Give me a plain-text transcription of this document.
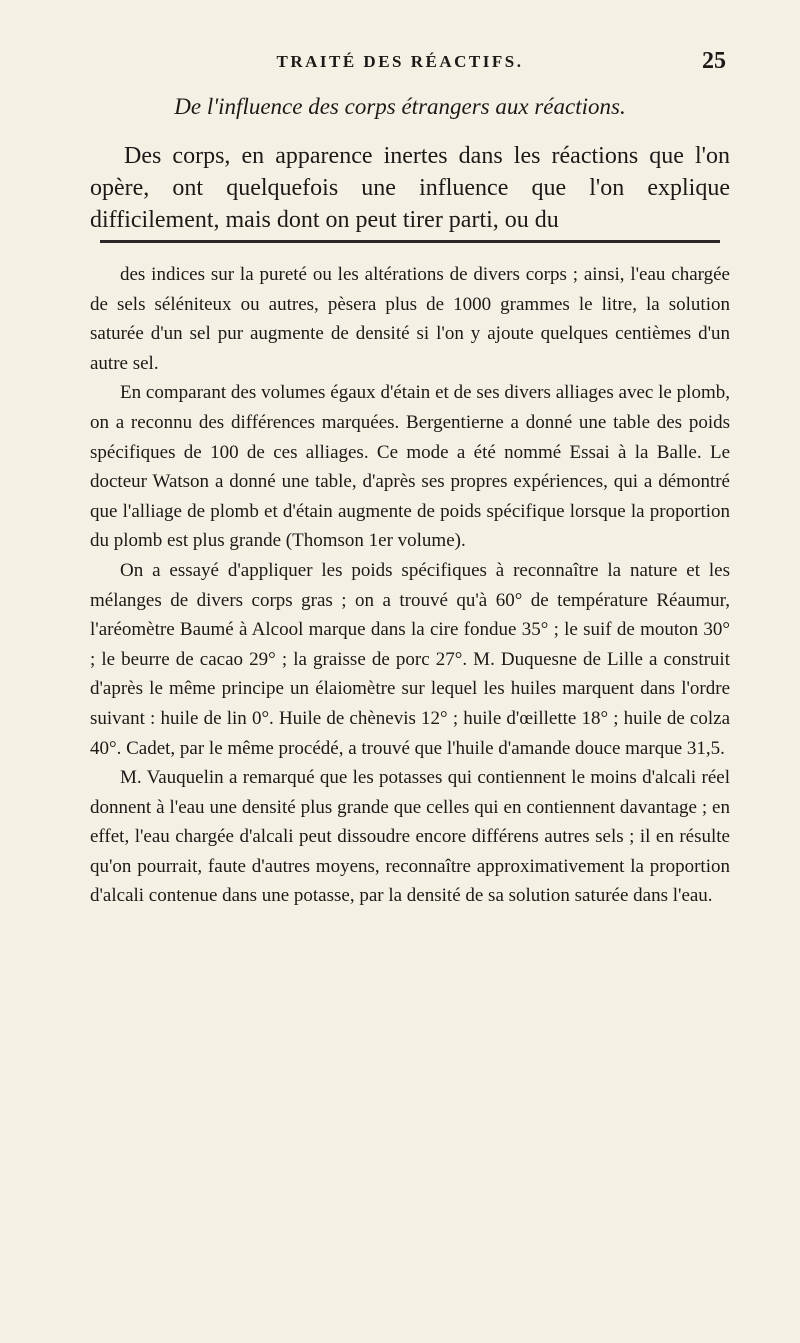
TRAITÉ DES RÉACTIFS.	25
De l'influence des corps étrangers aux réactions.

Des corps, en apparence inertes dans les réactions que l'on opère, ont quelquefois une influence que l'on explique difficilement, mais dont on peut tirer parti, ou du

des indices sur la pureté ou les altérations de divers corps ; ainsi, l'eau chargée de sels séléniteux ou autres, pèsera plus de 1000 grammes le litre, la solution saturée d'un sel pur augmente de densité si l'on y ajoute quelques centièmes d'un autre sel.

En comparant des volumes égaux d'étain et de ses divers alliages avec le plomb, on a reconnu des différences marquées. Bergentierne a donné une table des poids spécifiques de 100 de ces alliages. Ce mode a été nommé Essai à la Balle. Le docteur Watson a donné une table, d'après ses propres expériences, qui a démontré que l'alliage de plomb et d'étain augmente de poids spécifique lorsque la proportion du plomb est plus grande (Thomson 1er volume).

On a essayé d'appliquer les poids spécifiques à reconnaître la nature et les mélanges de divers corps gras ; on a trouvé qu'à 60° de température Réaumur, l'aréomètre Baumé à Alcool marque dans la cire fondue 35° ; le suif de mouton 30° ; le beurre de cacao 29° ; la graisse de porc 27°. M. Duquesne de Lille a construit d'après le même principe un élaiomètre sur lequel les huiles marquent dans l'ordre suivant : huile de lin 0°. Huile de chènevis 12° ; huile d'œillette 18° ; huile de colza 40°. Cadet, par le même procédé, a trouvé que l'huile d'amande douce marque 31,5.

M. Vauquelin a remarqué que les potasses qui contiennent le moins d'alcali réel donnent à l'eau une densité plus grande que celles qui en contiennent davantage ; en effet, l'eau chargée d'alcali peut dissoudre encore différens autres sels ; il en résulte qu'on pourrait, faute d'autres moyens, reconnaître approximativement la proportion d'alcali contenue dans une potasse, par la densité de sa solution saturée dans l'eau.
